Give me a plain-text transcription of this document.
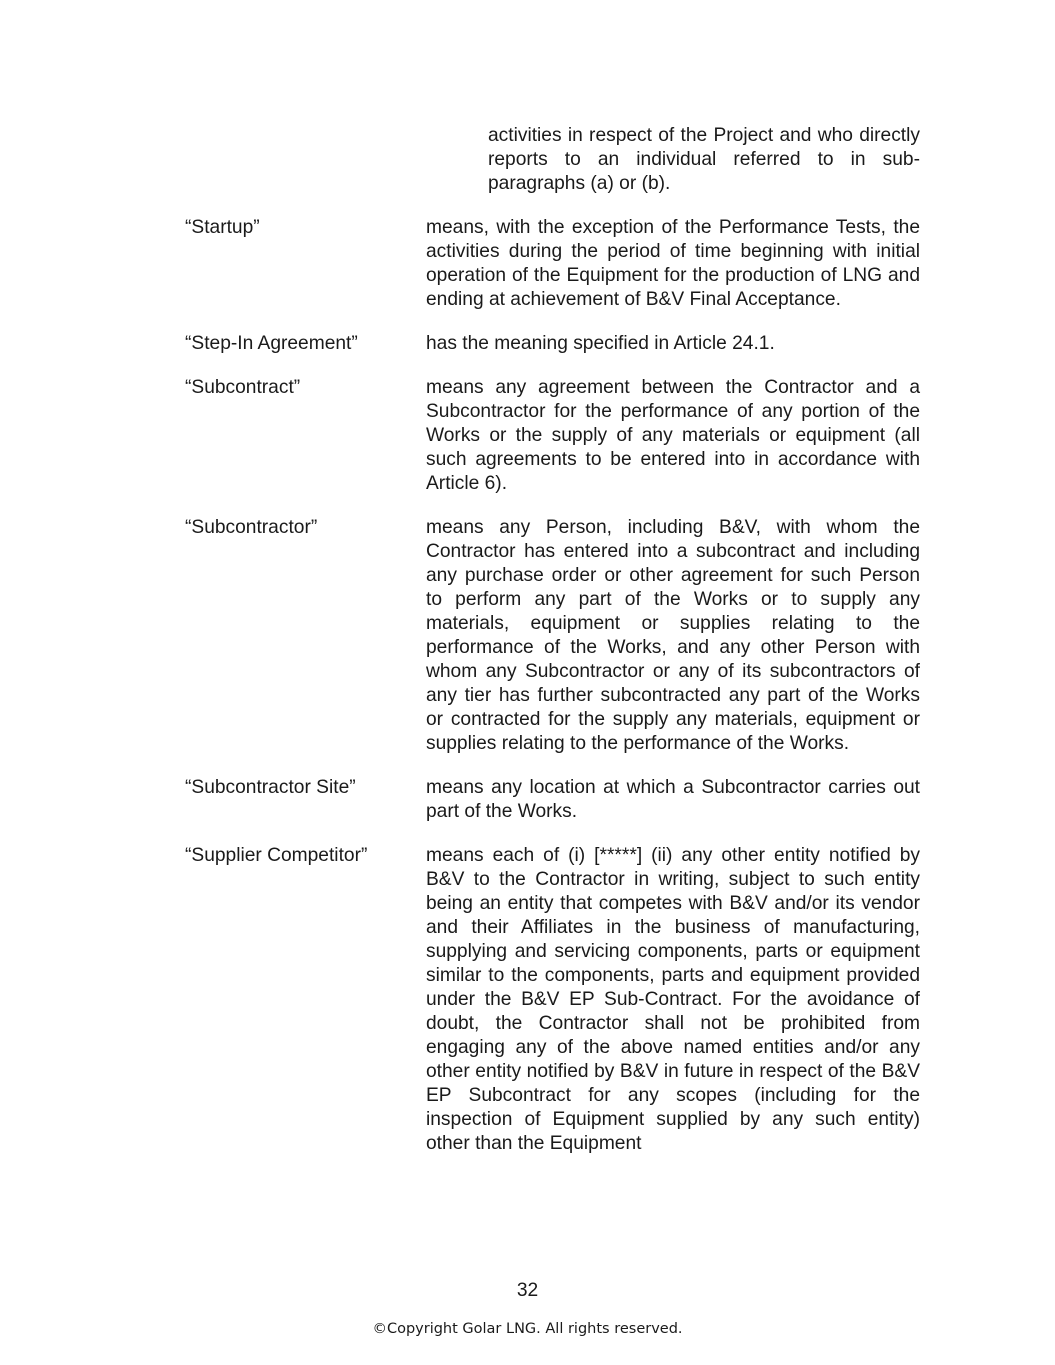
activities in respect of the Project and who directly reports to an individual referred to in sub-paragraphs (a) or (b).
“Startup”	means, with the exception of the Performance Tests, the activities during the period of time beginning with initial operation of the Equipment for the production of LNG and ending at achievement of B&V Final Acceptance.
“Step-In Agreement”	has the meaning specified in Article 24.1.
“Subcontract”	means any agreement between the Contractor and a Subcontractor for the performance of any portion of the Works or the supply of any materials or equipment (all such agreements to be entered into in accordance with Article 6).
“Subcontractor”	means any Person, including B&V, with whom the Contractor has entered into a subcontract and including any purchase order or other agreement for such Person to perform any part of the Works or to supply any materials, equipment or supplies relating to the performance of the Works, and any other Person with whom any Subcontractor or any of its subcontractors of any tier has further subcontracted any part of the Works or contracted for the supply any materials, equipment or supplies relating to the performance of the Works.
“Subcontractor Site”	means any location at which a Subcontractor carries out part of the Works.
“Supplier Competitor”	means each of (i) [*****] (ii) any other entity notified by B&V to the Contractor in writing, subject to such entity being an entity that competes with B&V and/or its vendor and their Affiliates in the business of manufacturing, supplying and servicing components, parts or equipment similar to the components, parts and equipment provided under the B&V EP Sub-Contract. For the avoidance of doubt, the Contractor shall not be prohibited from engaging any of the above named entities and/or any other entity notified by B&V in future in respect of the B&V EP Subcontract for any scopes (including for the inspection of Equipment supplied by any such entity) other than the Equipment
32
©Copyright Golar LNG. All rights reserved.
